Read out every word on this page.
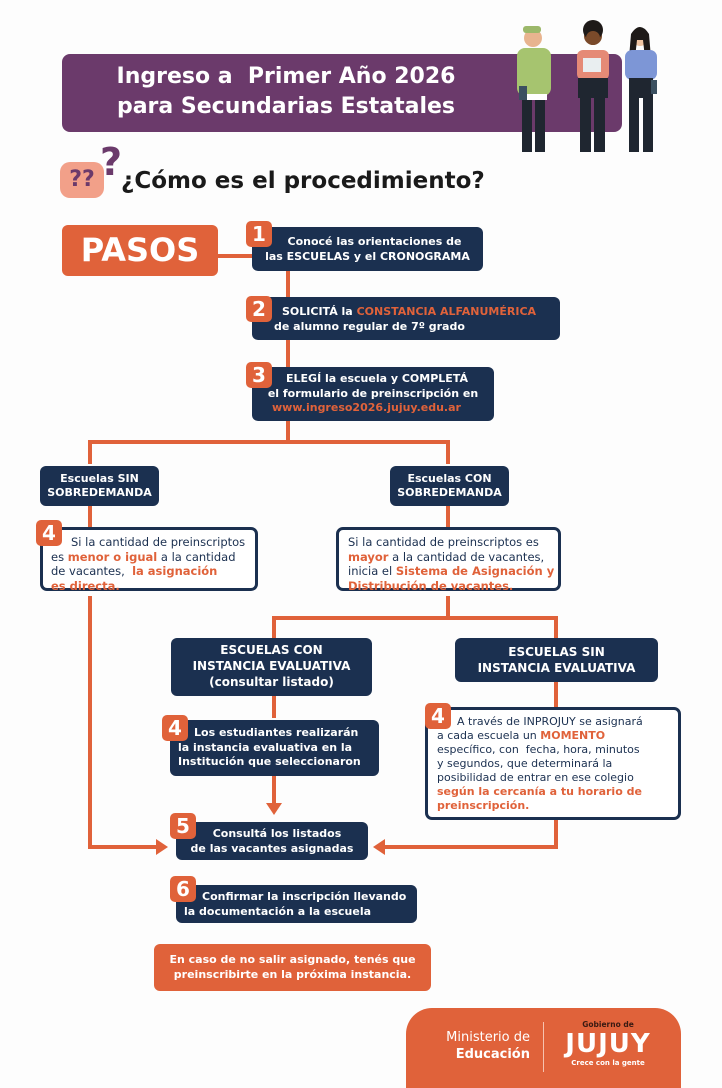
Ingreso a  Primer Año 2026
para Secundarias Estatales
?? ?
¿Cómo es el procedimiento?
PASOS	Conocé las orientaciones de
las ESCUELAS y el CRONOGRAMA
1
SOLICITÁ la CONSTANCIA ALFANUMÉRICA
de alumno regular de 7º grado
2
ELEGÍ la escuela y COMPLETÁ
el formulario de preinscripción en
www.ingreso2026.jujuy.edu.ar
3
Escuelas SIN
SOBREDEMANDA
Escuelas CON
SOBREDEMANDA
Si la cantidad de preinscriptos
es menor o igual a la cantidad
de vacantes,  la asignación
es directa.
4	Si la cantidad de preinscriptos es
mayor a la cantidad de vacantes,
inicia el Sistema de Asignación y
Distribución de vacantes.
ESCUELAS CON
INSTANCIA EVALUATIVA
(consultar listado)
ESCUELAS SIN
INSTANCIA EVALUATIVA
Los estudiantes realizarán
la instancia evaluativa en la
Institución que seleccionaron
4	A través de INPROJUY se asignará
a cada escuela un MOMENTO
específico, con  fecha, hora, minutos
y segundos, que determinará la
posibilidad de entrar en ese colegio
según la cercanía a tu horario de
preinscripción.
4
Consultá los listados
de las vacantes asignadas
5
Confirmar la inscripción llevando
la documentación a la escuela
6
En caso de no salir asignado, tenés que
preinscribirte en la próxima instancia.
Ministerio de
Educación
Gobierno de
JUJUY
Crece con la gente
